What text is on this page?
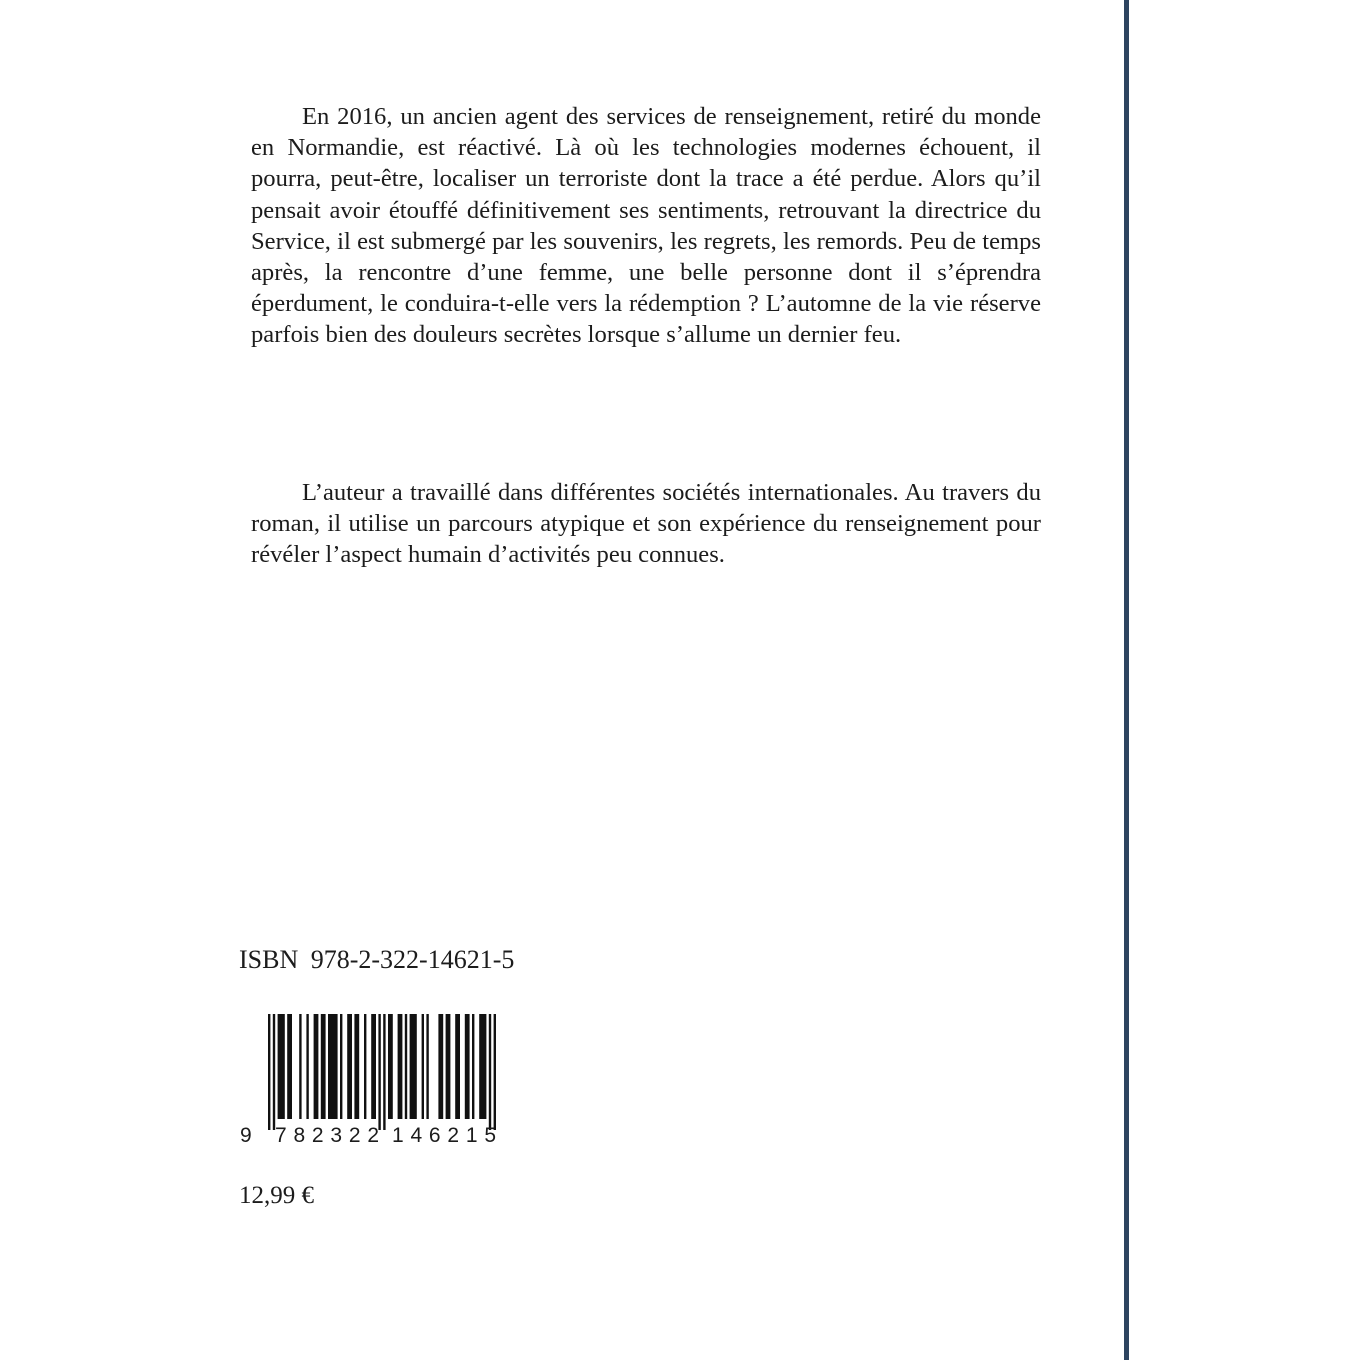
En 2016, un ancien agent des services de renseignement, retiré du monde en Normandie, est réactivé. Là où les technologies modernes échouent, il pourra, peut-être, localiser un terroriste dont la trace a été perdue. Alors qu’il pensait avoir étouffé définitivement ses sentiments, retrouvant la directrice du Service, il est submergé par les souvenirs, les regrets, les remords. Peu de temps après, la rencontre d’une femme, une belle personne dont il s’éprendra éperdument, le conduira-t-elle vers la rédemption ? L’automne de la vie réserve parfois bien des douleurs secrètes lorsque s’allume un dernier feu.

L’auteur a travaillé dans différentes sociétés internationales. Au travers du roman, il utilise un parcours atypique et son expérience du renseignement pour révéler l’aspect humain d’activités peu connues.

ISBN 978-2-322-14621-5
9 782322 146215
12,99 €
